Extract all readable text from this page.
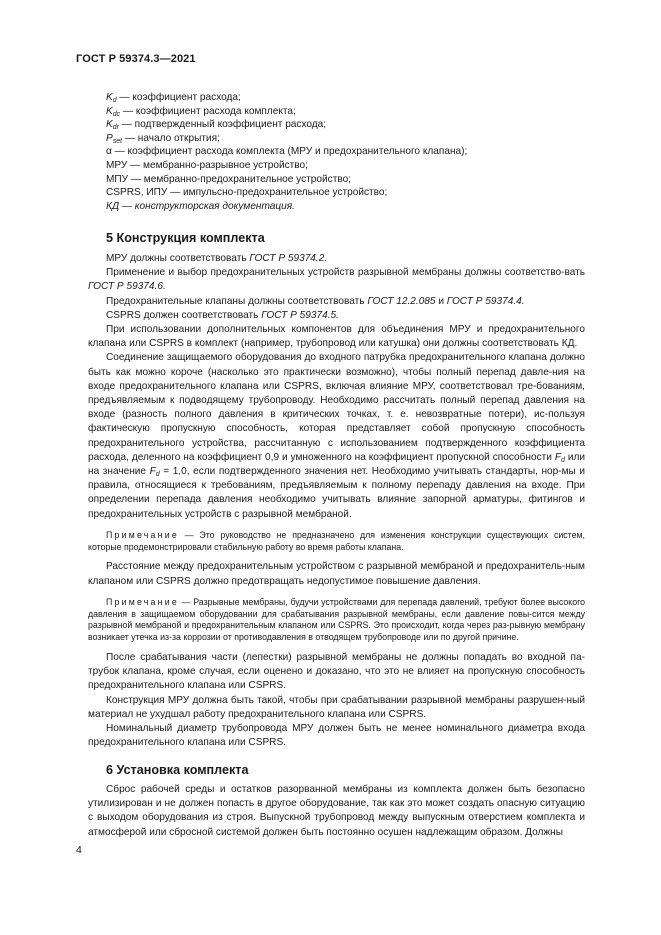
ГОСТ Р 59374.3—2021
$K_d$ — коэффициент расхода;
$K_{dc}$ — коэффициент расхода комплекта;
$K_{dr}$ — подтвержденный коэффициент расхода;
$P_{set}$ — начало открытия;
α — коэффициент расхода комплекта (МРУ и предохранительного клапана);
МРУ — мембранно-разрывное устройство;
МПУ — мембранно-предохранительное устройство;
CSPRS, ИПУ — импульсно-предохранительное устройство;
КД — конструкторская документация.
5 Конструкция комплекта

МРУ должны соответствовать ГОСТ Р 59374.2.

Применение и выбор предохранительных устройств разрывной мембраны должны соответство-вать ГОСТ Р 59374.6.

Предохранительные клапаны должны соответствовать ГОСТ 12.2.085 и ГОСТ Р 59374.4.

CSPRS должен соответствовать ГОСТ Р 59374.5.

При использовании дополнительных компонентов для объединения МРУ и предохранительного клапана или CSPRS в комплект (например, трубопровод или катушка) они должны соответствовать КД.

Соединение защищаемого оборудования до входного патрубка предохранительного клапана должно быть как можно короче (насколько это практически возможно), чтобы полный перепад давле-ния на входе предохранительного клапана или CSPRS, включая влияние МРУ, соответствовал тре-бованиям, предъявляемым к подводящему трубопроводу. Необходимо рассчитать полный перепад давления на входе (разность полного давления в критических точках, т. е. невозвратные потери), ис-пользуя фактическую пропускную способность, которая представляет собой пропускную способность предохранительного устройства, рассчитанную с использованием подтвержденного коэффициента расхода, деленного на коэффициент 0,9 и умноженного на коэффициент пропускной способности $F_d$ или на значение $F_d = 1,0$, если подтвержденного значения нет. Необходимо учитывать стандарты, нор-мы и правила, относящиеся к требованиям, предъявляемым к полному перепаду давления на входе. При определении перепада давления необходимо учитывать влияние запорной арматуры, фитингов и предохранительных устройств с разрывной мембраной.

Примечание — Это руководство не предназначено для изменения конструкции существующих систем, которые продемонстрировали стабильную работу во время работы клапана.

Расстояние между предохранительным устройством с разрывной мембраной и предохранитель-ным клапаном или CSPRS должно предотвращать недопустимое повышение давления.

Примечание — Разрывные мембраны, будучи устройствами для перепада давлений, требуют более высокого давления в защищаемом оборудовании для срабатывания разрывной мембраны, если давление повы-сится между разрывной мембраной и предохранительным клапаном или CSPRS. Это происходит, когда через раз-рывную мембрану возникает утечка из-за коррозии от противодавления в отводящем трубопроводе или по другой причине.

После срабатывания части (лепестки) разрывной мембраны не должны попадать во входной па-трубок клапана, кроме случая, если оценено и доказано, что это не влияет на пропускную способность предохранительного клапана или CSPRS.

Конструкция МРУ должна быть такой, чтобы при срабатывании разрывной мембраны разрушен-ный материал не ухудшал работу предохранительного клапана или CSPRS.

Номинальный диаметр трубопровода МРУ должен быть не менее номинального диаметра входа предохранительного клапана или CSPRS.

6 Установка комплекта

Сброс рабочей среды и остатков разорванной мембраны из комплекта должен быть безопасно утилизирован и не должен попасть в другое оборудование, так как это может создать опасную ситуацию с выходом оборудования из строя. Выпускной трубопровод между выпускным отверстием комплекта и атмосферой или сбросной системой должен быть постоянно осушен надлежащим образом. Должны

4
